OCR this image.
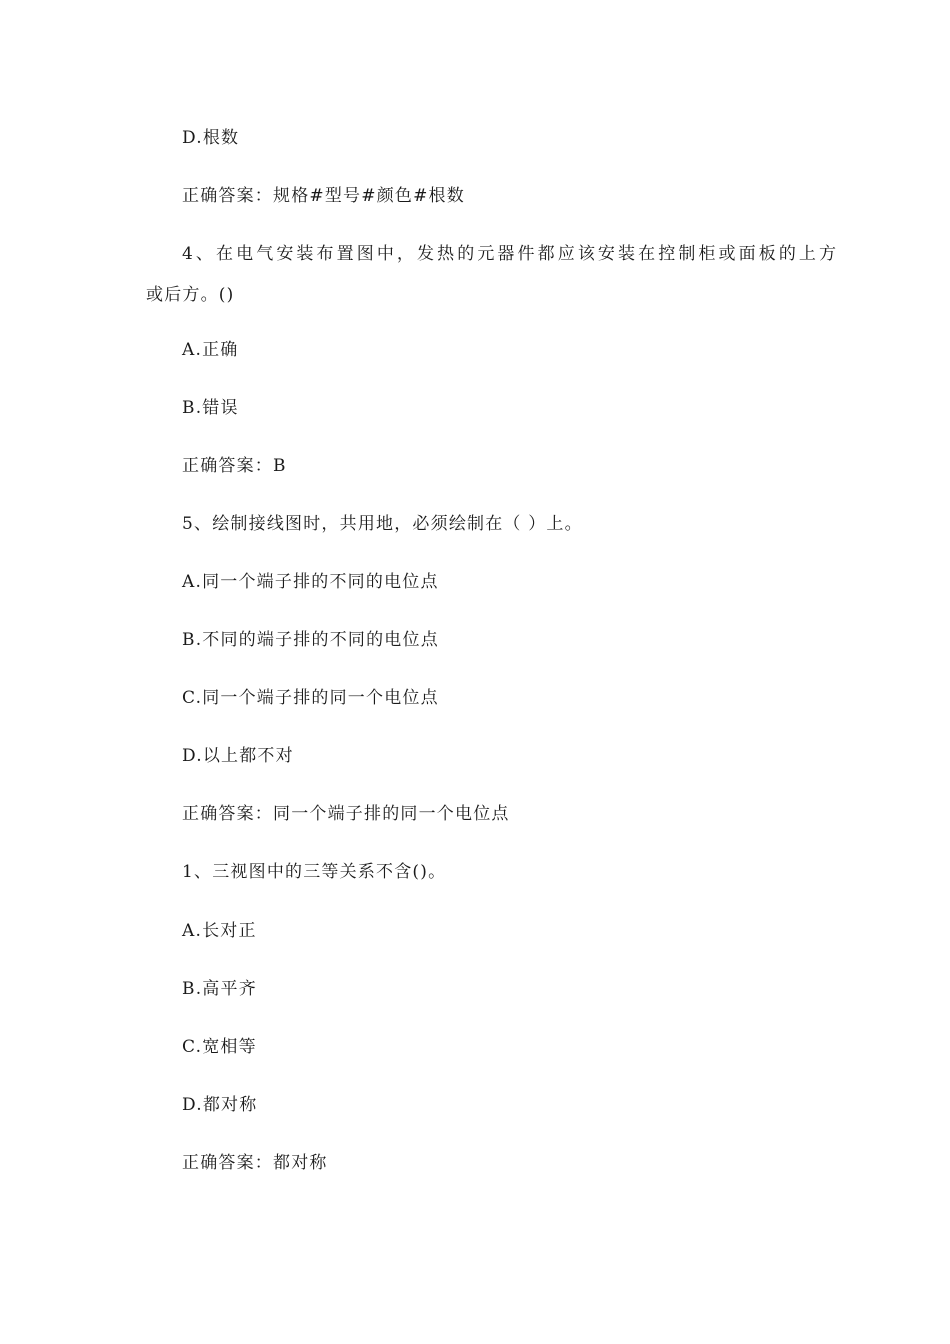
D.根数
正确答案：规格#型号#颜色#根数
4、在电气安装布置图中，发热的元器件都应该安装在控制柜或面板的上方
或后方。()
A.正确
B.错误
正确答案：B
5、绘制接线图时，共用地，必须绘制在（ ）上。
A.同一个端子排的不同的电位点
B.不同的端子排的不同的电位点
C.同一个端子排的同一个电位点
D.以上都不对
正确答案：同一个端子排的同一个电位点
1、三视图中的三等关系不含()。
A.长对正
B.高平齐
C.宽相等
D.都对称
正确答案：都对称
